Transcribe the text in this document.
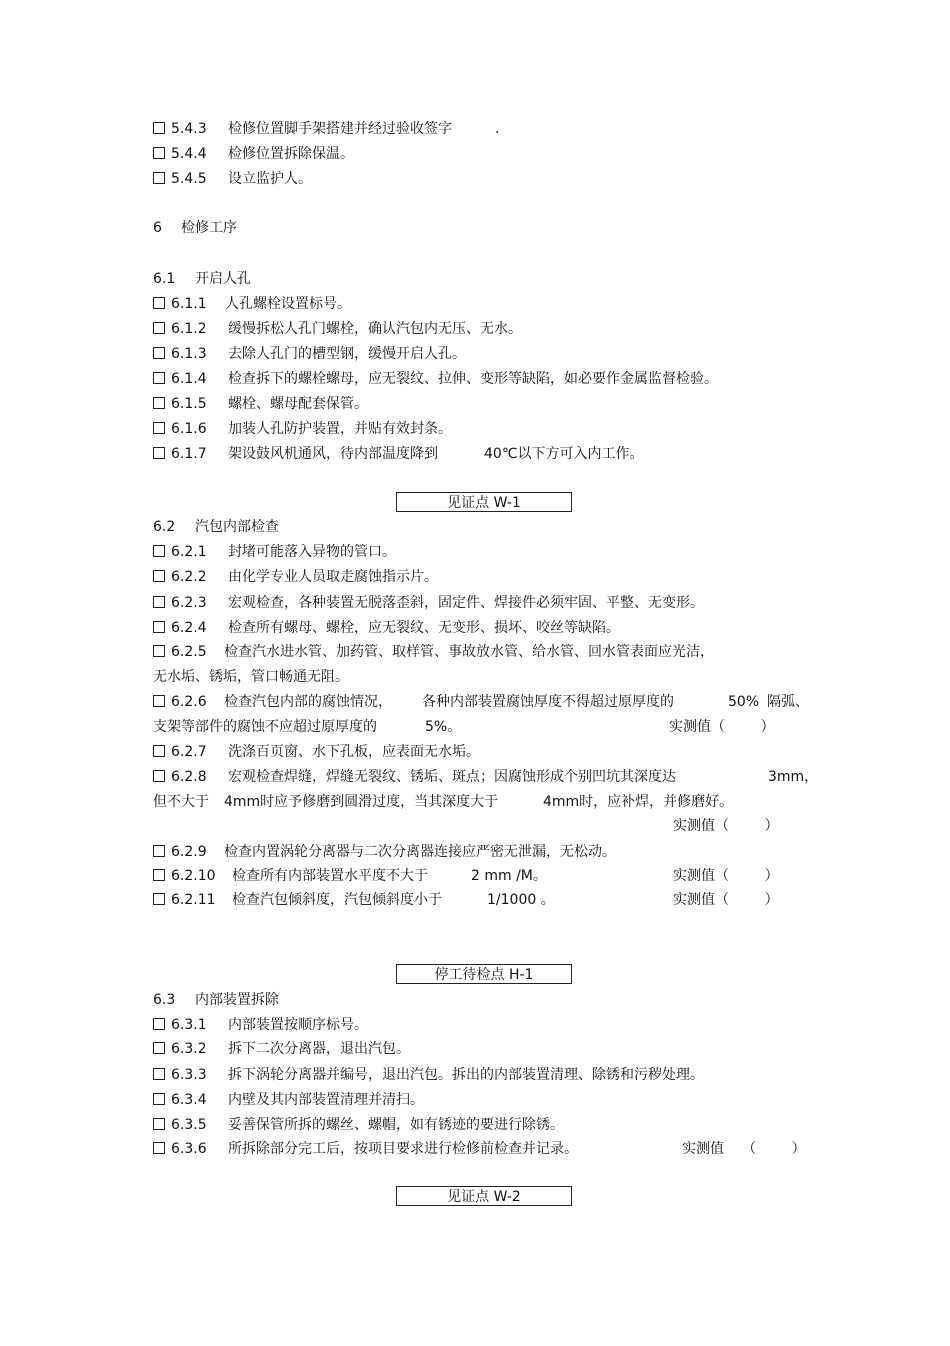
5.4.3 检修位置脚手架搭建并经过验收签字	.
5.4.4 检修位置拆除保温。
5.4.5 设立监护人。
6 检修工序
6.1 开启人孔
6.1.1 人孔螺栓设置标号。
6.1.2 缓慢拆松人孔门螺栓，确认汽包内无压、无水。
6.1.3 去除人孔门的槽型钢，缓慢开启人孔。
6.1.4 检查拆下的螺栓螺母，应无裂纹、拉伸、变形等缺陷，如必要作金属监督检验。
6.1.5 螺栓、螺母配套保管。
6.1.6 加装人孔防护装置，并贴有效封条。
6.1.7 架设鼓风机通风，待内部温度降到	40℃以下方可入内工作。
见证点 W-1
6.2 汽包内部检查
6.2.1 封堵可能落入异物的管口。
6.2.2 由化学专业人员取走腐蚀指示片。
6.2.3 宏观检查，各种装置无脱落歪斜，固定件、焊接件必须牢固、平整、无变形。
6.2.4 检查所有螺母、螺栓，应无裂纹、无变形、损坏、咬丝等缺陷。
6.2.5 检查汽水进水管、加药管、取样管、事故放水管、给水管、回水管表面应光洁，
无水垢、锈垢，管口畅通无阻。
6.2.6 检查汽包内部的腐蚀情况， 各种内部装置腐蚀厚度不得超过原厚度的	50% 隔弧、
支架等部件的腐蚀不应超过原厚度的	5%。	实测值（        ）
6.2.7 洗涤百页窗、水下孔板，应表面无水垢。
6.2.8 宏观检查焊缝，焊缝无裂纹、锈垢、斑点；因腐蚀形成个别凹坑其深度达	3mm，
但不大于 4mm时应予修磨到圆滑过度，当其深度大于	4mm时，应补焊，并修磨好。
实测值（        ）
6.2.9 检查内置涡轮分离器与二次分离器连接应严密无泄漏，无松动。
6.2.10 检查所有内部装置水平度不大于	2 mm /M。	实测值（        ）
6.2.11 检查汽包倾斜度，汽包倾斜度小于	1/1000 。	实测值（        ）
停工待检点 H-1
6.3 内部装置拆除
6.3.1 内部装置按顺序标号。
6.3.2 拆下二次分离器，退出汽包。
6.3.3 拆下涡轮分离器并编号，退出汽包。拆出的内部装置清理、除锈和污秽处理。
6.3.4 内壁及其内部装置清理并清扫。
6.3.5 妥善保管所拆的螺丝、螺帽，如有锈迹的要进行除锈。
6.3.6 所拆除部分完工后，按项目要求进行检修前检查并记录。	实测值 （        ）
见证点 W-2
